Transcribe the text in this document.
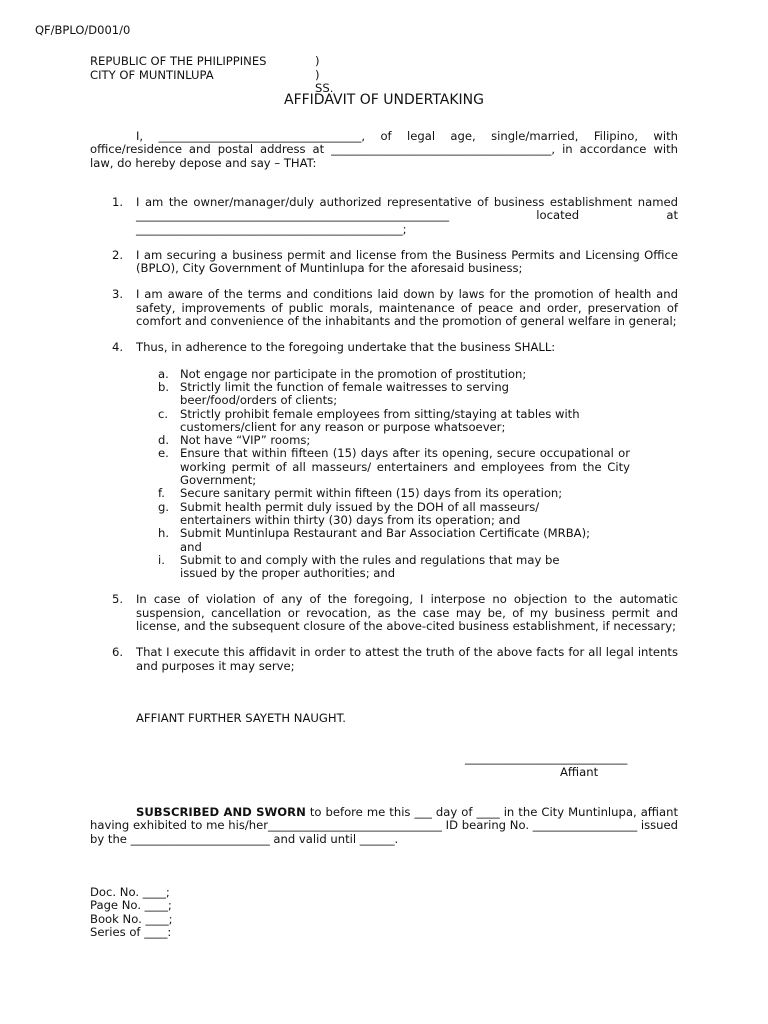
QF/BPLO/D001/0
REPUBLIC OF THE PHILIPPINES
CITY OF MUNTINLUPA
)
) SS.
AFFIDAVIT OF UNDERTAKING
I, ___________________________________, of legal age, single/married, Filipino, with office/residence and postal address at ______________________________________, in accordance with law, do hereby depose and say – THAT:
1. I am the owner/manager/duly authorized representative of business establishment named ______________________________________________________ located at ______________________________________________;
2. I am securing a business permit and license from the Business Permits and Licensing Office (BPLO), City Government of Muntinlupa for the aforesaid business;
3. I am aware of the terms and conditions laid down by laws for the promotion of health and safety, improvements of public morals, maintenance of peace and order, preservation of comfort and convenience of the inhabitants and the promotion of general welfare in general;
4. Thus, in adherence to the foregoing undertake that the business SHALL:
a. Not engage nor participate in the promotion of prostitution;
b. Strictly limit the function of female waitresses to serving beer/food/orders of clients;
c. Strictly prohibit female employees from sitting/staying at tables with customers/client for any reason or purpose whatsoever;
d. Not have “VIP” rooms;
e. Ensure that within fifteen (15) days after its opening, secure occupational or working permit of all masseurs/ entertainers and employees from the City Government;
f. Secure sanitary permit within fifteen (15) days from its operation;
g. Submit health permit duly issued by the DOH of all masseurs/ entertainers within thirty (30) days from its operation; and
h. Submit Muntinlupa Restaurant and Bar Association Certificate (MRBA); and
i. Submit to and comply with the rules and regulations that may be issued by the proper authorities; and
5. In case of violation of any of the foregoing, I interpose no objection to the automatic suspension, cancellation or revocation, as the case may be, of my business permit and license, and the subsequent closure of the above-cited business establishment, if necessary;
6. That I execute this affidavit in order to attest the truth of the above facts for all legal intents and purposes it may serve;
AFFIANT FURTHER SAYETH NAUGHT.
____________________________
Affiant
SUBSCRIBED AND SWORN to before me this ___ day of ____ in the City Muntinlupa, affiant having exhibited to me his/her______________________________ ID bearing No. __________________ issued by the ________________________ and valid until ______.
Doc. No. ____;
Page No. ____;
Book No. ____;
Series of ____:
